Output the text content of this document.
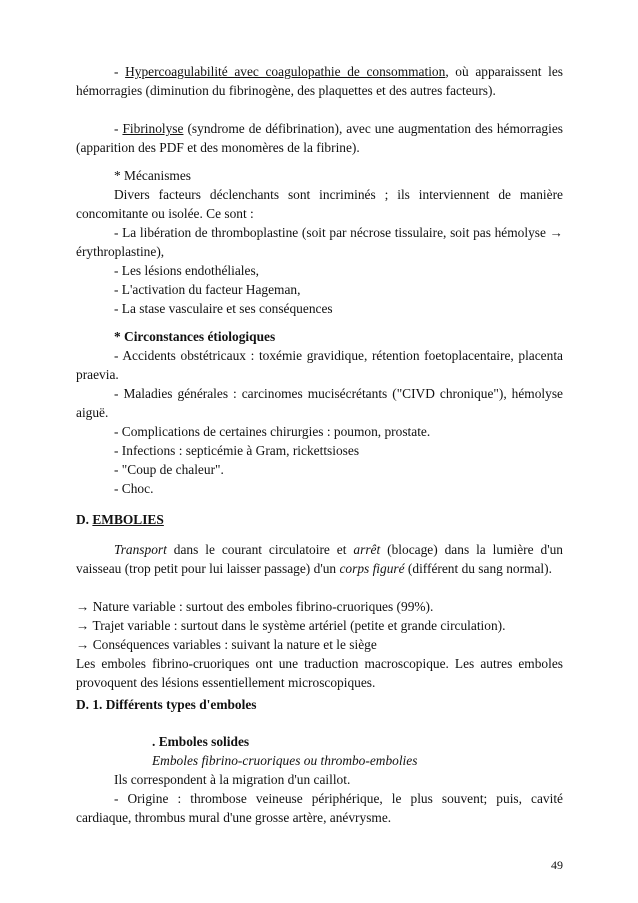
- Hypercoagulabilité avec coagulopathie de consommation, où apparaissent les hémorragies (diminution du fibrinogène, des plaquettes et des autres facteurs).

- Fibrinolyse (syndrome de défibrination), avec une augmentation des hémorragies (apparition des PDF et des monomères de la fibrine).

* Mécanismes

Divers facteurs déclenchants sont incriminés ; ils interviennent de manière concomitante ou isolée. Ce sont :

- La libération de thromboplastine (soit par nécrose tissulaire, soit pas hémolyse → érythroplastine),

- Les lésions endothéliales,

- L'activation du facteur Hageman,

- La stase vasculaire et ses conséquences

* Circonstances étiologiques

- Accidents obstétricaux : toxémie gravidique, rétention foetoplacentaire, placenta praevia.

- Maladies générales : carcinomes mucisécrétants ("CIVD chronique"), hémolyse aiguë.

- Complications de certaines chirurgies : poumon, prostate.

- Infections : septicémie à Gram, rickettsioses

- "Coup de chaleur".

- Choc.

D. EMBOLIES

Transport dans le courant circulatoire et arrêt (blocage) dans la lumière d'un vaisseau (trop petit pour lui laisser passage) d'un corps figuré (différent du sang normal).

→ Nature variable : surtout des emboles fibrino-cruoriques (99%).

→ Trajet variable : surtout dans le système artériel (petite et grande circulation).

→ Conséquences variables : suivant la nature et le siège

Les emboles fibrino-cruoriques ont une traduction macroscopique. Les autres emboles provoquent des lésions essentiellement microscopiques.

D. 1. Différents types d'emboles

. Emboles solides

Emboles fibrino-cruoriques ou thrombo-embolies

Ils correspondent à la migration d'un caillot.

- Origine : thrombose veineuse périphérique, le plus souvent; puis, cavité cardiaque, thrombus mural d'une grosse artère, anévrysme.

49
